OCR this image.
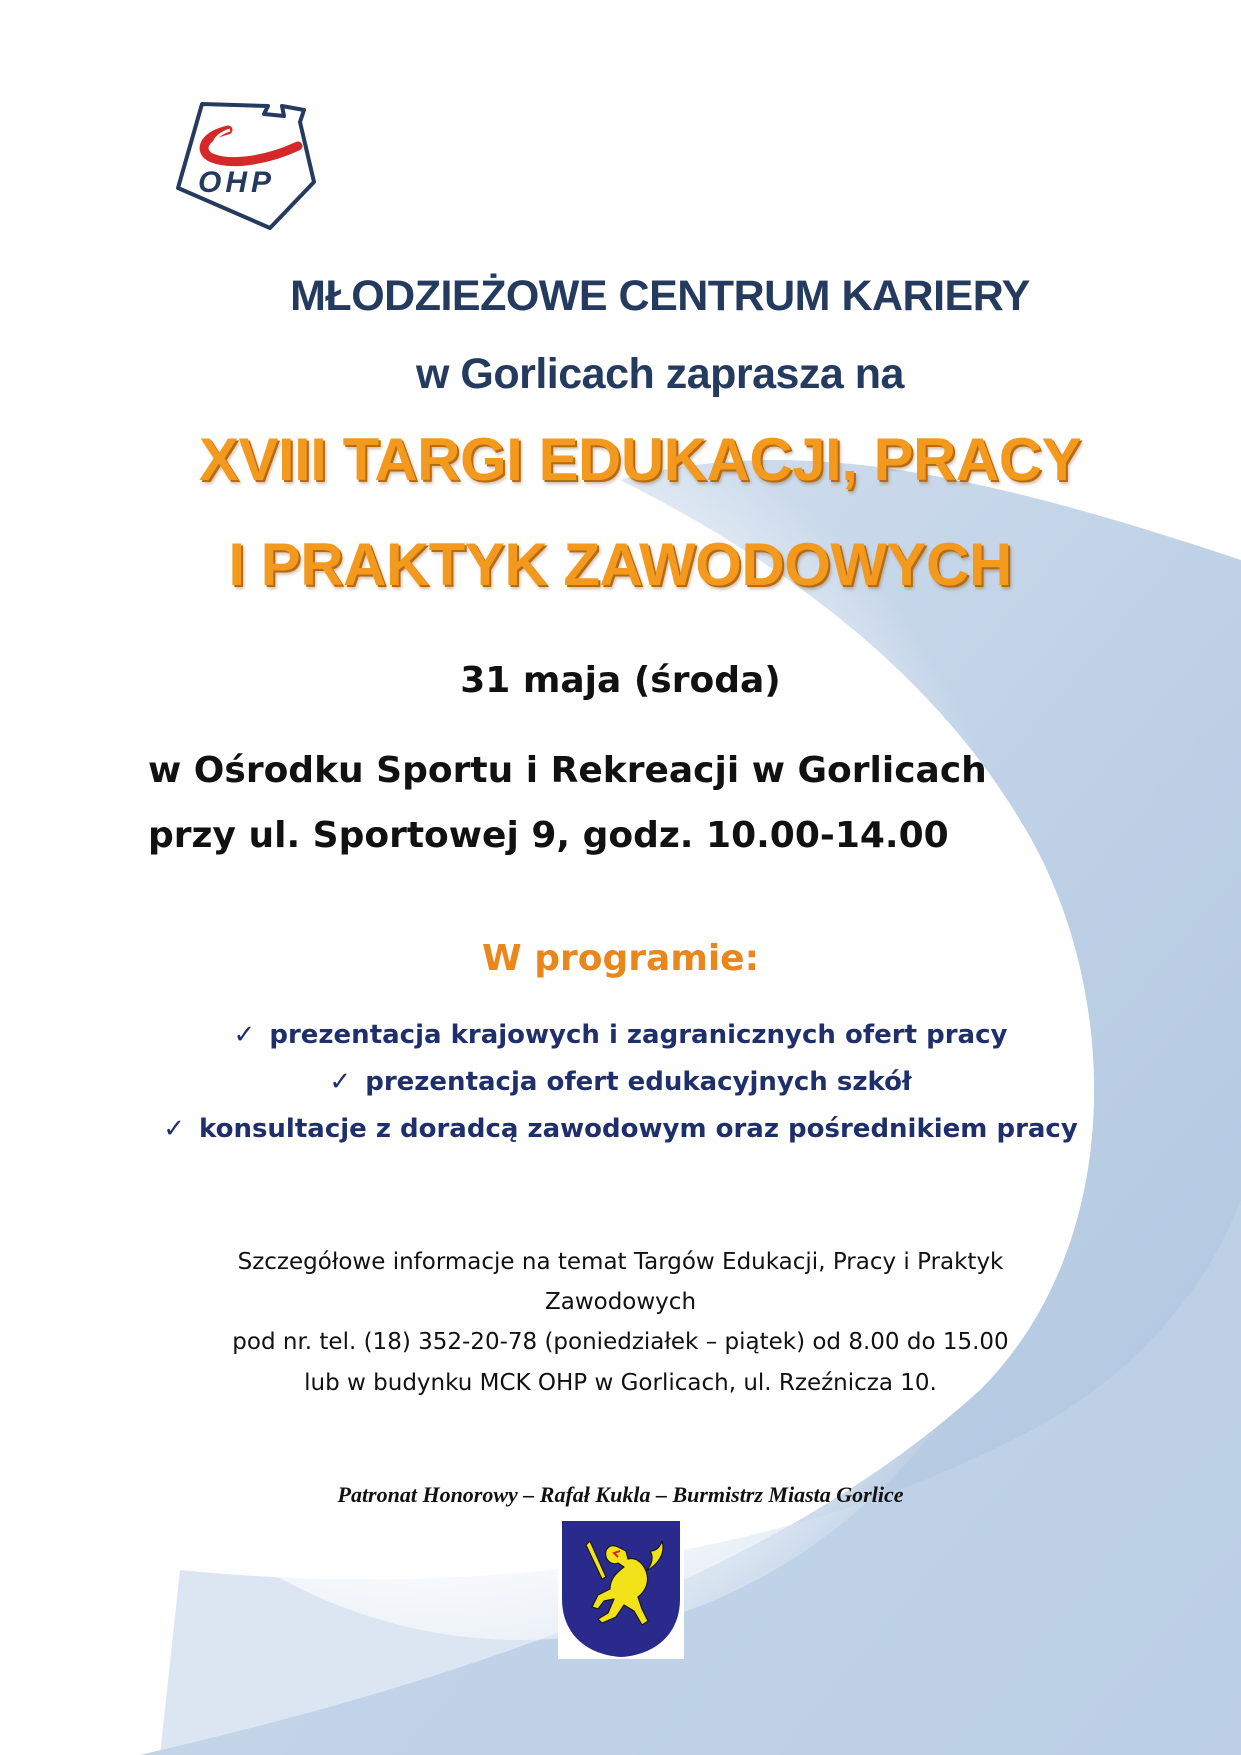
OHP
MŁODZIEŻOWE CENTRUM KARIERY
w Gorlicach zaprasza na
XVIII TARGI EDUKACJI, PRACY
I PRAKTYK ZAWODOWYCH
31 maja (środa)
w Ośrodku Sportu i Rekreacji w Gorlicach
przy ul. Sportowej 9, godz. 10.00-14.00
W programie:
✓ prezentacja krajowych i zagranicznych ofert pracy
✓ prezentacja ofert edukacyjnych szkół
✓ konsultacje z doradcą zawodowym oraz pośrednikiem pracy
Szczegółowe informacje na temat Targów Edukacji, Pracy i Praktyk
Zawodowych
pod nr. tel. (18) 352-20-78 (poniedziałek – piątek) od 8.00 do 15.00
lub w budynku MCK OHP w Gorlicach, ul. Rzeźnicza 10.
Patronat Honorowy – Rafał Kukla – Burmistrz Miasta Gorlice
